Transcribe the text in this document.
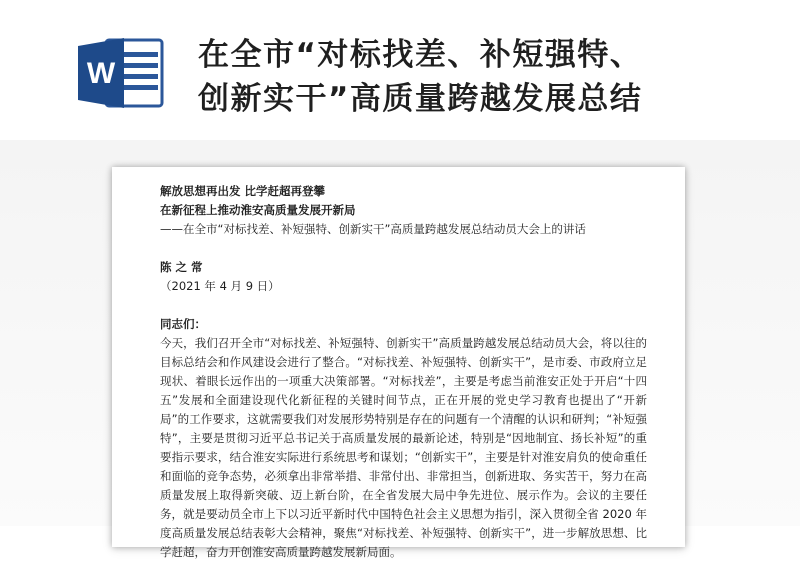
W
在全市“对标找差、补短强特、
创新实干”高质量跨越发展总结
解放思想再出发 比学赶超再登攀
在新征程上推动淮安高质量发展开新局
——在全市“对标找差、补短强特、创新实干”高质量跨越发展总结动员大会上的讲话
陈 之 常
（2021 年 4 月 9 日）
同志们：
今天，我们召开全市“对标找差、补短强特、创新实干”高质量跨越发展总结动员大会，将以往的目标总结会和作风建设会进行了整合。“对标找差、补短强特、创新实干”，是市委、市政府立足现状、着眼长远作出的一项重大决策部署。“对标找差”，主要是考虑当前淮安正处于开启“十四五”发展和全面建设现代化新征程的关键时间节点，正在开展的党史学习教育也提出了“开新局”的工作要求，这就需要我们对发展形势特别是存在的问题有一个清醒的认识和研判；“补短强特”，主要是贯彻习近平总书记关于高质量发展的最新论述，特别是“因地制宜、扬长补短”的重要指示要求，结合淮安实际进行系统思考和谋划；“创新实干”，主要是针对淮安肩负的使命重任和面临的竞争态势，必须拿出非常举措、非常付出、非常担当，创新进取、务实苦干，努力在高质量发展上取得新突破、迈上新台阶，在全省发展大局中争先进位、展示作为。会议的主要任务，就是要动员全市上下以习近平新时代中国特色社会主义思想为指引，深入贯彻全省 2020 年度高质量发展总结表彰大会精神，聚焦“对标找差、补短强特、创新实干”，进一步解放思想、比学赶超，奋力开创淮安高质量跨越发展新局面。
